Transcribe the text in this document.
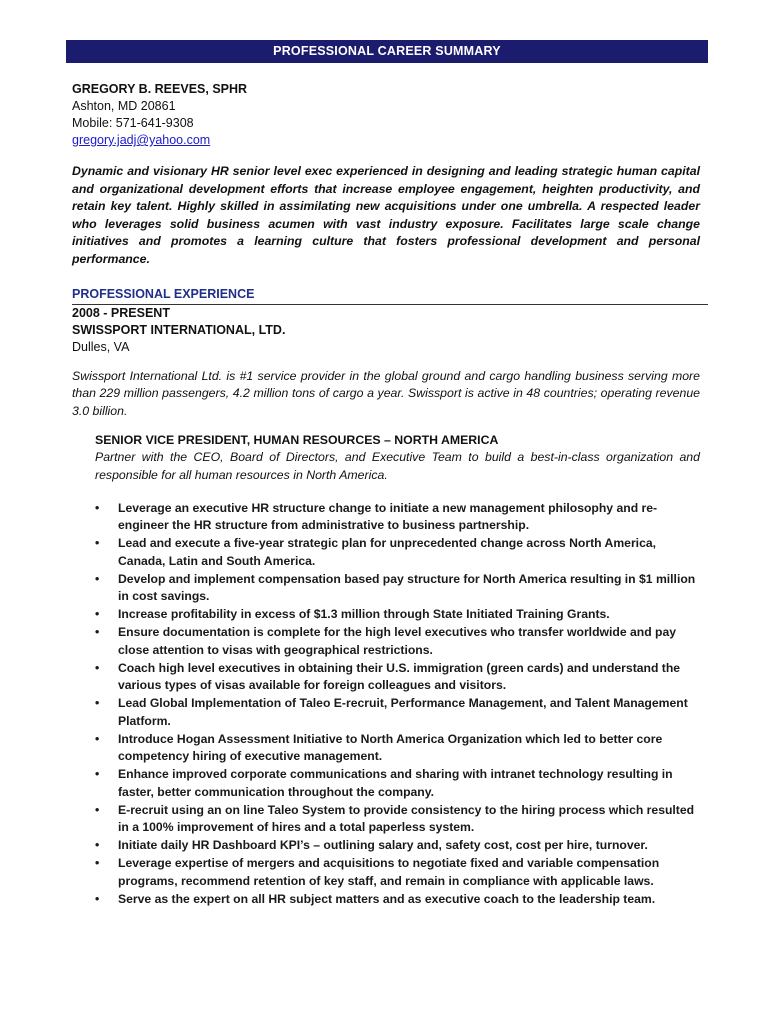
PROFESSIONAL CAREER SUMMARY
GREGORY B. REEVES, SPHR
Ashton, MD 20861
Mobile: 571-641-9308
gregory.jadj@yahoo.com
Dynamic and visionary HR senior level exec experienced in designing and leading strategic human capital and organizational development efforts that increase employee engagement, heighten productivity, and retain key talent. Highly skilled in assimilating new acquisitions under one umbrella. A respected leader who leverages solid business acumen with vast industry exposure. Facilitates large scale change initiatives and promotes a learning culture that fosters professional development and personal performance.
PROFESSIONAL EXPERIENCE
2008 - PRESENT
SWISSPORT INTERNATIONAL, LTD.
Dulles, VA
Swissport International Ltd. is #1 service provider in the global ground and cargo handling business serving more than 229 million passengers, 4.2 million tons of cargo a year. Swissport is active in 48 countries; operating revenue 3.0 billion.
SENIOR VICE PRESIDENT, HUMAN RESOURCES – NORTH AMERICA
Partner with the CEO, Board of Directors, and Executive Team to build a best-in-class organization and responsible for all human resources in North America.
•	Leverage an executive HR structure change to initiate a new management philosophy and re-engineer the HR structure from administrative to business partnership.
•	Lead and execute a five-year strategic plan for unprecedented change across North America, Canada, Latin and South America.
•	Develop and implement compensation based pay structure for North America resulting in $1 million in cost savings.
•	Increase profitability in excess of $1.3 million through State Initiated Training Grants.
•	Ensure documentation is complete for the high level executives who transfer worldwide and pay close attention to visas with geographical restrictions.
•	Coach high level executives in obtaining their U.S. immigration (green cards) and understand the various types of visas available for foreign colleagues and visitors.
•	Lead Global Implementation of Taleo E-recruit, Performance Management, and Talent Management Platform.
•	Introduce Hogan Assessment Initiative to North America Organization which led to better core competency hiring of executive management.
•	Enhance improved corporate communications and sharing with intranet technology resulting in faster, better communication throughout the company.
•	E-recruit using an on line Taleo System to provide consistency to the hiring process which resulted in a 100% improvement of hires and a total paperless system.
•	Initiate daily HR Dashboard KPI’s – outlining salary and, safety cost, cost per hire, turnover.
•	Leverage expertise of mergers and acquisitions to negotiate fixed and variable compensation programs, recommend retention of key staff, and remain in compliance with applicable laws.
•	Serve as the expert on all HR subject matters and as executive coach to the leadership team.
